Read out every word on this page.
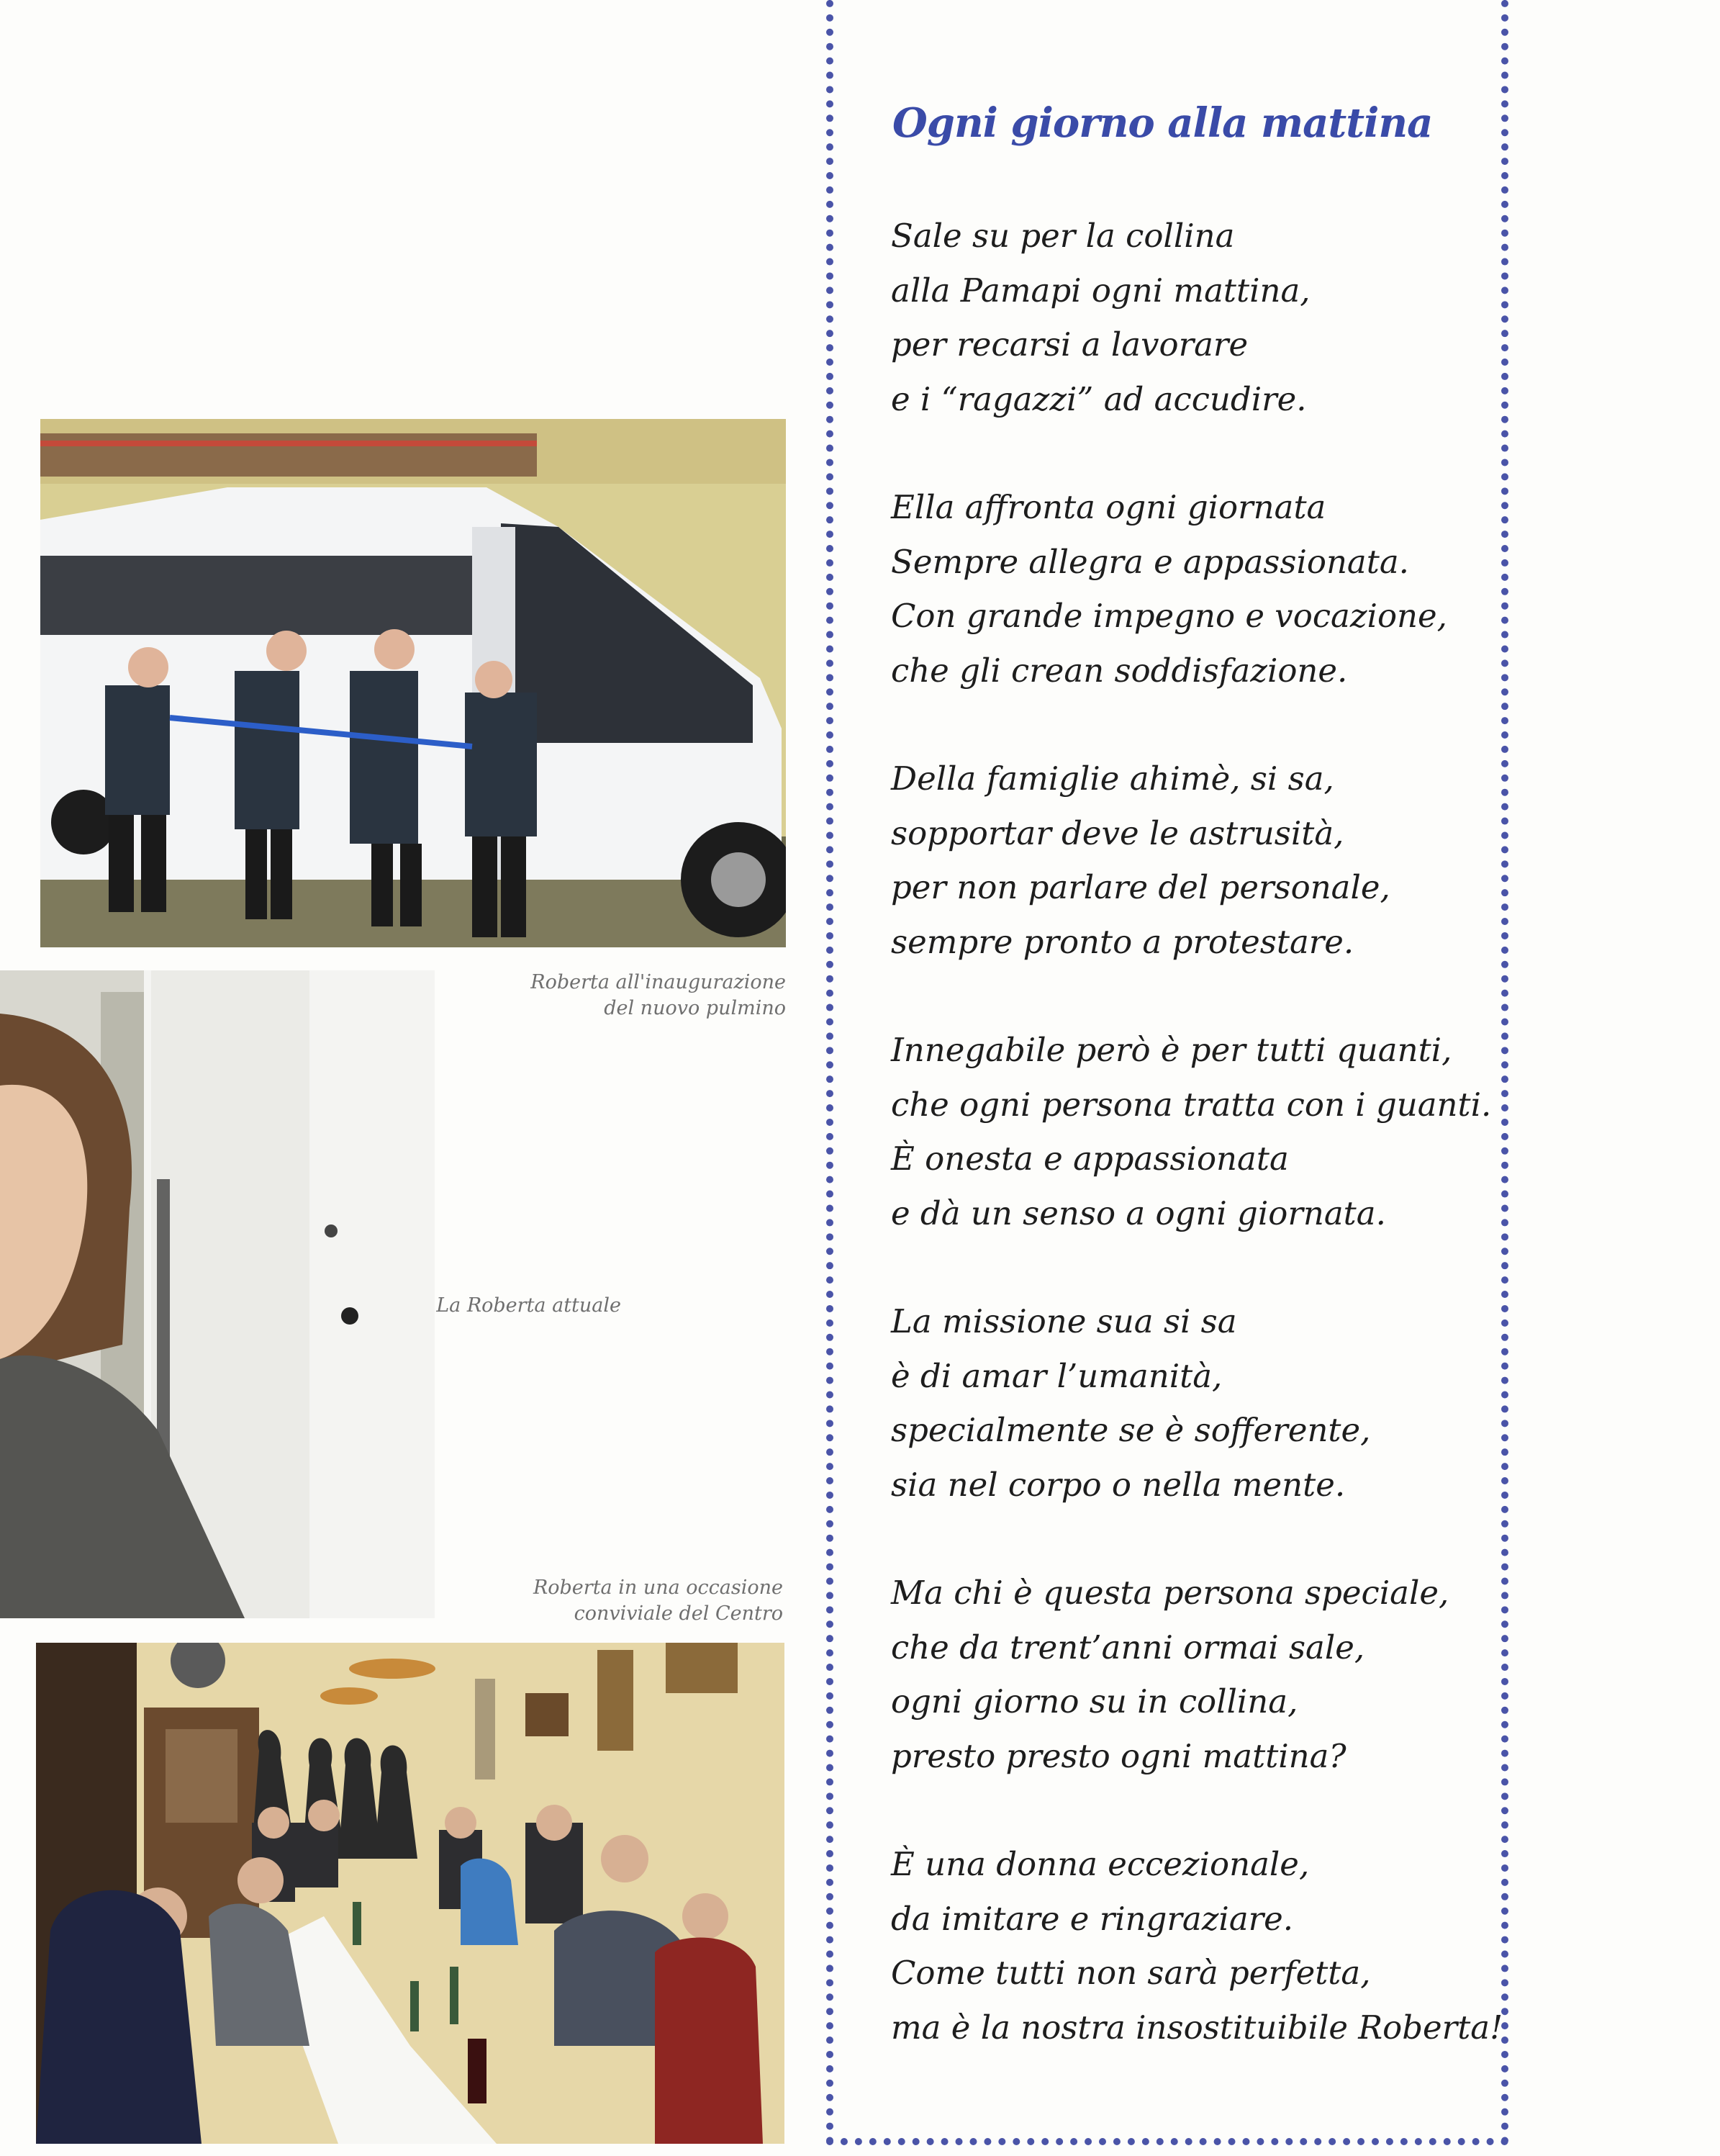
Roberta all'inaugurazione
del nuovo pulmino
La Roberta attuale
Roberta in una occasione
conviviale del Centro
Ogni giorno alla mattina

Sale su per la collina
alla Pamapi ogni mattina,
per recarsi a lavorare
e i “ragazzi” ad accudire.

Ella affronta ogni giornata
Sempre allegra e appassionata.
Con grande impegno e vocazione,
che gli crean soddisfazione.

Della famiglie ahimè, si sa,
sopportar deve le astrusità,
per non parlare del personale,
sempre pronto a protestare.

Innegabile però è per tutti quanti,
che ogni persona tratta con i guanti.
È onesta e appassionata
e dà un senso a ogni giornata.

La missione sua si sa
è di amar l’umanità,
specialmente se è sofferente,
sia nel corpo o nella mente.

Ma chi è questa persona speciale,
che da trent’anni ormai sale,
ogni giorno su in collina,
presto presto ogni mattina?

È una donna eccezionale,
da imitare e ringraziare.
Come tutti non sarà perfetta,
ma è la nostra insostituibile Roberta!
